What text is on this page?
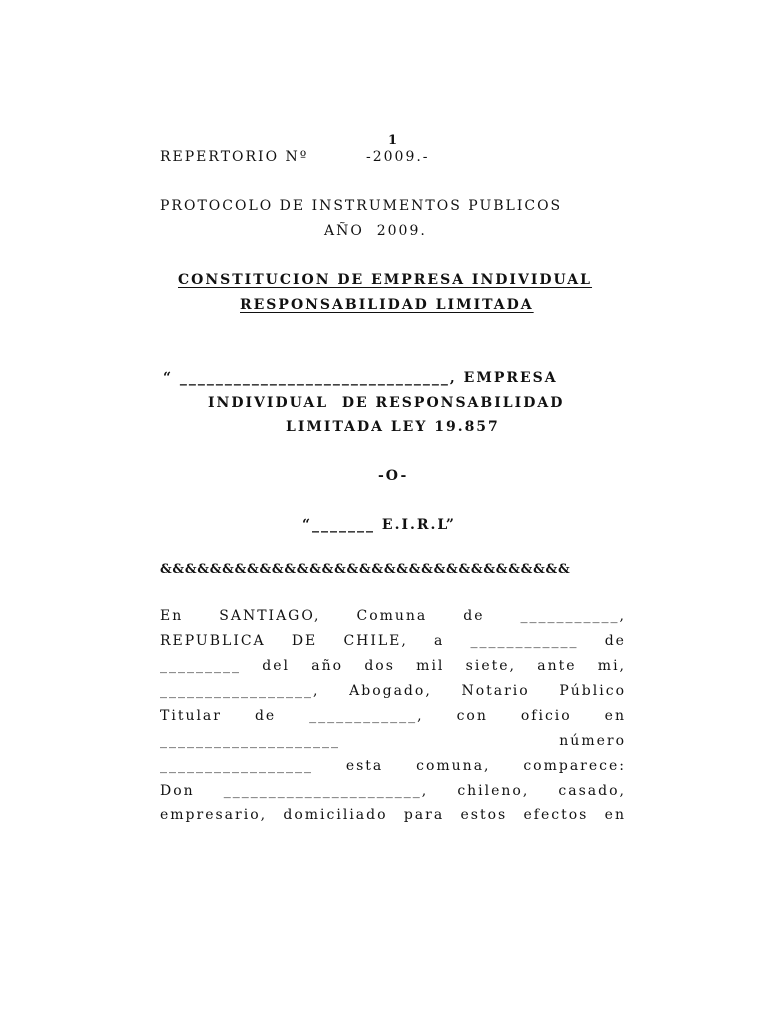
1
REPERTORIO Nº	-2009.-
PROTOCOLO DE INSTRUMENTOS PUBLICOS
AÑO  2009.
CONSTITUCION DE EMPRESA INDIVIDUAL
RESPONSABILIDAD LIMITADA
“ ______________________________, EMPRESA
INDIVIDUAL  DE RESPONSABILIDAD
LIMITADA LEY 19.857
-O-
“_______ E.I.R.L”
&&&&&&&&&&&&&&&&&&&&&&&&&&&&&&&&&
En	SANTIAGO,	Comuna	de	___________,
REPUBLICA DE CHILE, a ____________ de
_________ del año dos mil siete, ante mi,
_________________, Abogado, Notario Público
Titular de ____________, con oficio en
____________________	número
_________________ esta comuna, comparece:
Don ______________________, chileno, casado,
empresario, domiciliado para estos efectos en
